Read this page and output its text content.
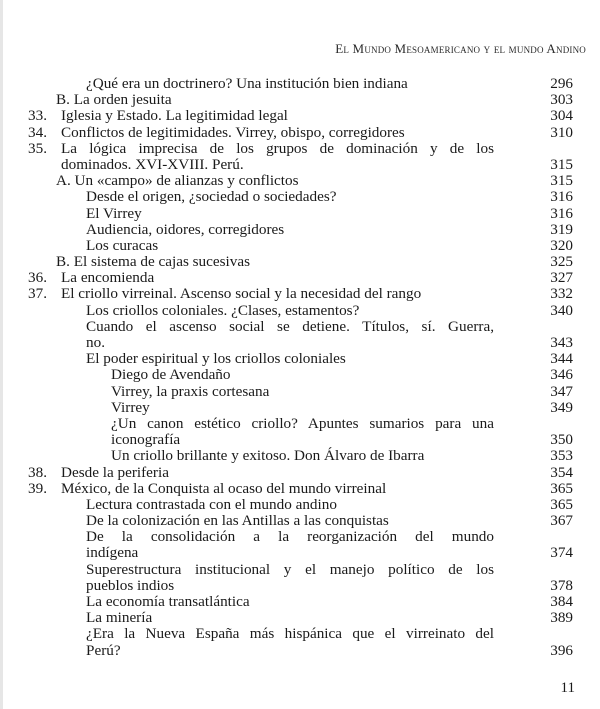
El Mundo Mesoamericano y el mundo Andino
¿Qué era un doctrinero? Una institución bien indiana	296
B. La orden jesuita	303
33. Iglesia y Estado. La legitimidad legal	304
34. Conflictos de legitimidades. Virrey, obispo, corregidores	310
35. La lógica imprecisa de los grupos de dominación y de los
dominados. XVI-XVIII. Perú.	315
A. Un «campo» de alianzas y conflictos	315
Desde el origen, ¿sociedad o sociedades?	316
El Virrey	316
Audiencia, oidores, corregidores	319
Los curacas	320
B. El sistema de cajas sucesivas	325
36. La encomienda	327
37. El criollo virreinal. Ascenso social y la necesidad del rango	332
Los criollos coloniales. ¿Clases, estamentos?	340
Cuando el ascenso social se detiene. Títulos, sí. Guerra,
no.	343
El poder espiritual y los criollos coloniales	344
Diego de Avendaño	346
Virrey, la praxis cortesana	347
Virrey	349
¿Un canon estético criollo? Apuntes sumarios para una
iconografía	350
Un criollo brillante y exitoso. Don Álvaro de Ibarra	353
38. Desde la periferia	354
39. México, de la Conquista al ocaso del mundo virreinal	365
Lectura contrastada con el mundo andino	365
De la colonización en las Antillas a las conquistas	367
De la consolidación a la reorganización del mundo
indígena	374
Superestructura institucional y el manejo político de los
pueblos indios	378
La economía transatlántica	384
La minería	389
¿Era la Nueva España más hispánica que el virreinato del
Perú?	396
11
